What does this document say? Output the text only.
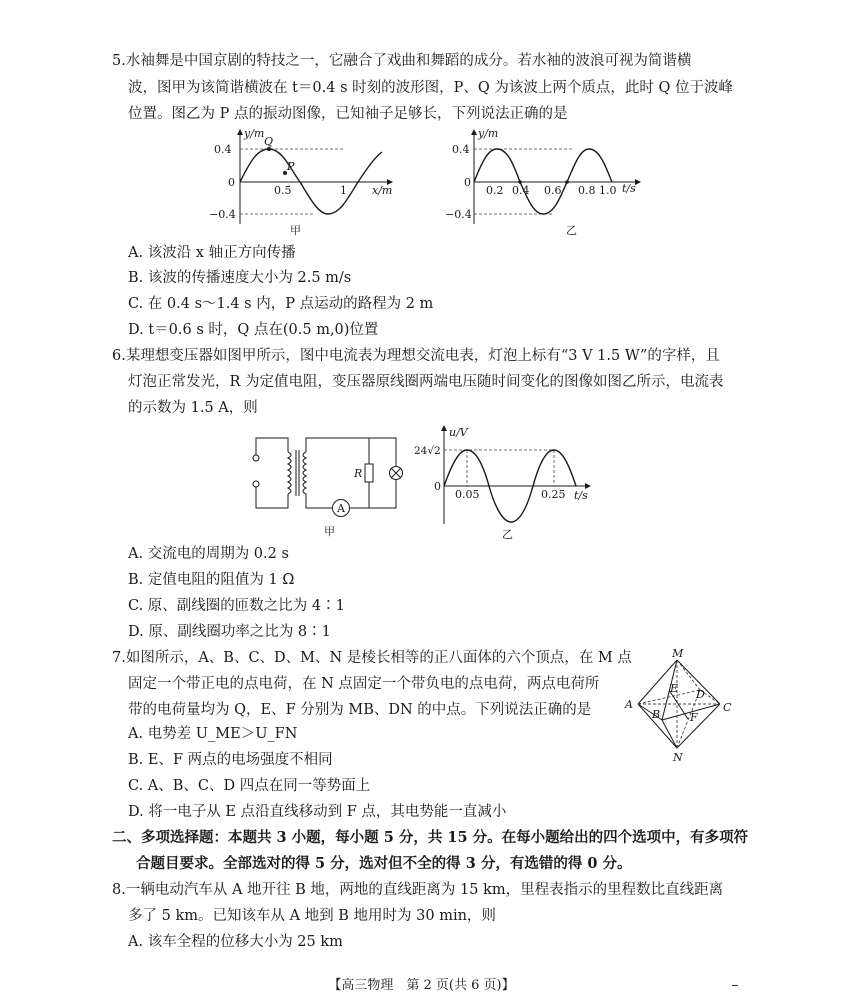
5.水袖舞是中国京剧的特技之一，它融合了戏曲和舞蹈的成分。若水袖的波浪可视为简谐横
波，图甲为该简谐横波在 t＝0.4 s 时刻的波形图，P、Q 为该波上两个质点，此时 Q 位于波峰
位置。图乙为 P 点的振动图像，已知袖子足够长，下列说法正确的是
y/m
x/m
0
0.4
−0.4
0.5	1
Q
P
甲
y/m
t/s
0
0.4
−0.4
0.2 0.4 0.6 0.8 1.0
乙
A. 该波沿 x 轴正方向传播
B. 该波的传播速度大小为 2.5 m/s
C. 在 0.4 s～1.4 s 内，P 点运动的路程为 2 m
D. t＝0.6 s 时，Q 点在(0.5 m,0)位置
6.某理想变压器如图甲所示，图中电流表为理想交流电表，灯泡上标有“3 V 1.5 W”的字样，且
灯泡正常发光，R 为定值电阻，变压器原线圈两端电压随时间变化的图像如图乙所示，电流表
的示数为 1.5 A，则
A
R
甲
u/V
t/s
0
24√2
0.05	0.25
乙
A. 交流电的周期为 0.2 s
B. 定值电阻的阻值为 1 Ω
C. 原、副线圈的匝数之比为 4∶1
D. 原、副线圈功率之比为 8∶1
7.如图所示，A、B、C、D、M、N 是棱长相等的正八面体的六个顶点，在 M 点
固定一个带正电的点电荷，在 N 点固定一个带负电的点电荷，两点电荷所
带的电荷量均为 Q，E、F 分别为 MB、DN 的中点。下列说法正确的是
M
N
A	C
B
D
E
F
A. 电势差 U_ME＞U_FN
B. E、F 两点的电场强度不相同
C. A、B、C、D 四点在同一等势面上
D. 将一电子从 E 点沿直线移动到 F 点，其电势能一直减小
二、多项选择题：本题共 3 小题，每小题 5 分，共 15 分。在每小题给出的四个选项中，有多项符
合题目要求。全部选对的得 5 分，选对但不全的得 3 分，有选错的得 0 分。
8.一辆电动汽车从 A 地开往 B 地，两地的直线距离为 15 km，里程表指示的里程数比直线距离
多了 5 km。已知该车从 A 地到 B 地用时为 30 min，则
A. 该车全程的位移大小为 25 km
【高三物理　第 2 页(共 6 页)】
